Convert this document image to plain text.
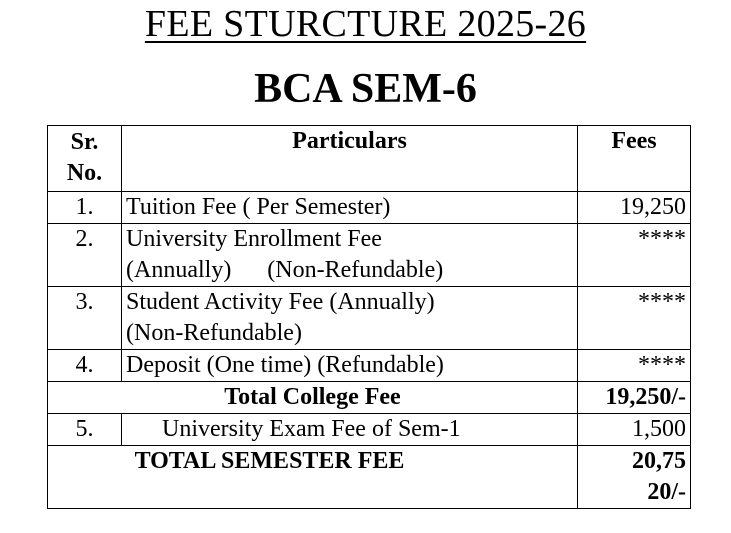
FEE STURCTURE 2025-26
BCA SEM-6
Sr.
No.	Particulars	Fees
1.	Tuition Fee ( Per Semester)	19,250
2.	University Enrollment Fee
(Annually)      (Non-Refundable)	****
3.	Student Activity Fee (Annually)
(Non-Refundable)	****
4.	Deposit (One time) (Refundable)	****
Total College Fee		19,250/-
5.	University Exam Fee of Sem-1	1,500
TOTAL SEMESTER FEE		20,75
20/-
